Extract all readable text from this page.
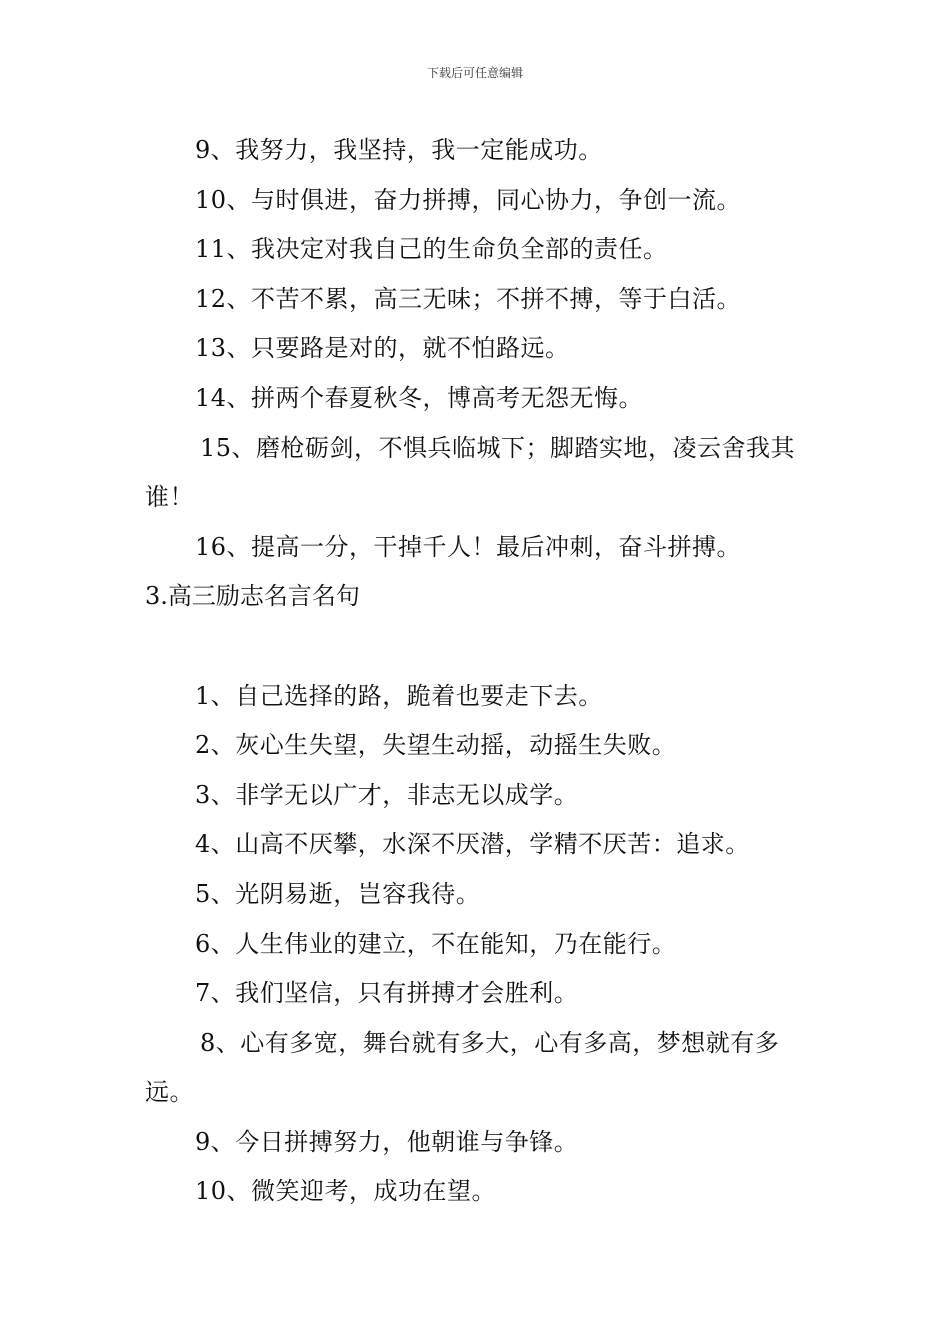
下载后可任意编辑
9、我努力，我坚持，我一定能成功。
10、与时俱进，奋力拼搏，同心协力，争创一流。
11、我决定对我自己的生命负全部的责任。
12、不苦不累，高三无味；不拼不搏，等于白活。
13、只要路是对的，就不怕路远。
14、拼两个春夏秋冬，博高考无怨无悔。
15、磨枪砺剑，不惧兵临城下；脚踏实地，凌云舍我其谁！
16、提高一分，干掉千人！最后冲刺，奋斗拼搏。
3.高三励志名言名句
1、自己选择的路，跪着也要走下去。
2、灰心生失望，失望生动摇，动摇生失败。
3、非学无以广才，非志无以成学。
4、山高不厌攀，水深不厌潜，学精不厌苦：追求。
5、光阴易逝，岂容我待。
6、人生伟业的建立，不在能知，乃在能行。
7、我们坚信，只有拼搏才会胜利。
8、心有多宽，舞台就有多大，心有多高，梦想就有多远。
9、今日拼搏努力，他朝谁与争锋。
10、微笑迎考，成功在望。
